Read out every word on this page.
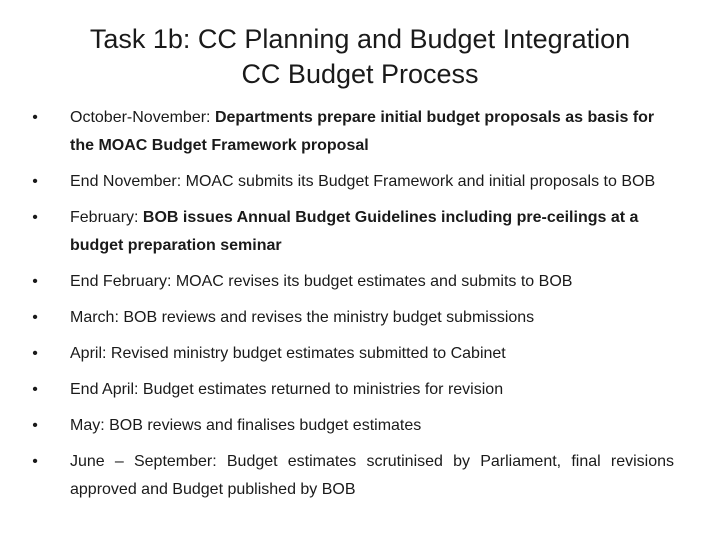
Task 1b: CC Planning and Budget Integration
CC Budget Process
• October-November: Departments prepare initial budget proposals as basis for the MOAC Budget Framework proposal
• End November: MOAC submits its Budget Framework and initial proposals to BOB
• February: BOB issues Annual Budget Guidelines including pre-ceilings at a budget preparation seminar
• End February: MOAC revises its budget estimates and submits to BOB
• March: BOB reviews and revises the ministry budget submissions
• April: Revised ministry budget estimates submitted to Cabinet
• End April: Budget estimates returned to ministries for revision
• May: BOB reviews and finalises budget estimates
• June – September: Budget estimates scrutinised by Parliament, final revisions approved and Budget published by BOB
